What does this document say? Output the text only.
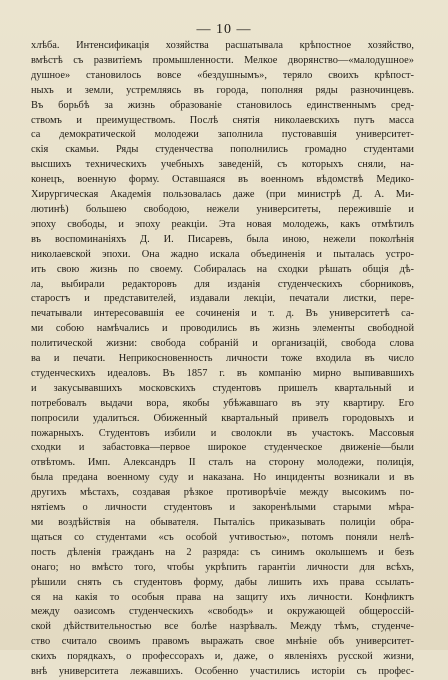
— 10 —
хлѣба. Интенсификація хозяйства расшатывала крѣпостное хозяйство,
вмѣстѣ съ развитіемъ промышленности. Мелкое дворянство—«малодушное»
душное» становилось вовсе «бездушнымъ», теряло своихъ крѣпост-
ныхъ и земли, устремляясь въ города, пополняя ряды разночинцевъ.
Въ борьбѣ за жизнь образованіе становилось единственнымъ сред-
ствомъ и преимуществомъ. Послѣ снятія николаевскихъ путъ масса
са демократической молодежи заполнила пустовавшія университет-
скія скамьи. Ряды студенчества пополнились громадно студентами
высшихъ техническихъ учебныхъ заведеній, съ которыхъ сняли, на-
конецъ, военную форму. Оставшаяся въ военномъ вѣдомствѣ Медико-
Хирургическая Академія пользовалась даже (при министрѣ Д. А. Ми-
лютинѣ) большею свободою, нежели университеты, пережившіе и
эпоху свободы, и эпоху реакціи. Эта новая молодежь, какъ отмѣтилъ
въ воспоминаніяхъ Д. И. Писаревъ, была иною, нежели поколѣнія
николаевской эпохи. Она жадно искала объединенія и пыталась устро-
ить свою жизнь по своему. Собиралась на сходки рѣшать общія дѣ-
ла, выбирали редакторовъ для изданія студенческихъ сборниковъ,
старостъ и представителей, издавали лекціи, печатали листки, пере-
печатывали интересовавшія ее сочиненія и т. д. Въ университетѣ са-
ми собою намѣчались и проводились въ жизнь элементы свободной
политической жизни: свобода собраній и организацій, свобода слова
ва и печати. Неприкосновенность личности тоже входила въ число
студенческихъ идеаловъ. Въ 1857 г. въ компанію мирно выпивавшихъ
и закусывавшихъ московскихъ студентовъ пришелъ квартальный и
потребовалъ выдачи вора, якобы убѣжавшаго въ эту квартиру. Его
попросили удалиться. Обиженный квартальный привелъ городовыхъ и
пожарныхъ. Студентовъ избили и сволокли въ участокъ. Массовыя
сходки и забастовка—первое широкое студенческое движеніе—были
отвѣтомъ. Имп. Александръ II сталъ на сторону молодежи, полиція,
была предана военному суду и наказана. Но инциденты возникали и въ
другихъ мѣстахъ, создавая рѣзкое противорѣчіе между высокимъ по-
нятіемъ о личности студентовъ и закоренѣлыми старыми мѣра-
ми воздѣйствія на обывателя. Пыталісь приказывать полиціи обра-
щаться со студентами «съ особой учтивостью», потомъ поняли нелѣ-
пость дѣленія гражданъ на 2 разряда: съ синимъ околышемъ и безъ
онаго; но вмѣсто того, чтобы укрѣпить гарантіи личности для всѣхъ,
рѣшили снять съ студентовъ форму, дабы лишить ихъ права ссылать-
ся на какія то особыя права на защиту ихъ личности. Конфликтъ
между оазисомъ студенческихъ «свободъ» и окружающей общероссій-
ской дѣйствительностью все болѣе назрѣвалъ. Между тѣмъ, студенче-
ство считало своимъ правомъ выражать свое мнѣніе объ университет-
скихъ порядкахъ, о профессорахъ и, даже, о явленіяхъ русской жизни,
внѣ университета лежавшихъ. Особенно участились исторіи съ профес-
